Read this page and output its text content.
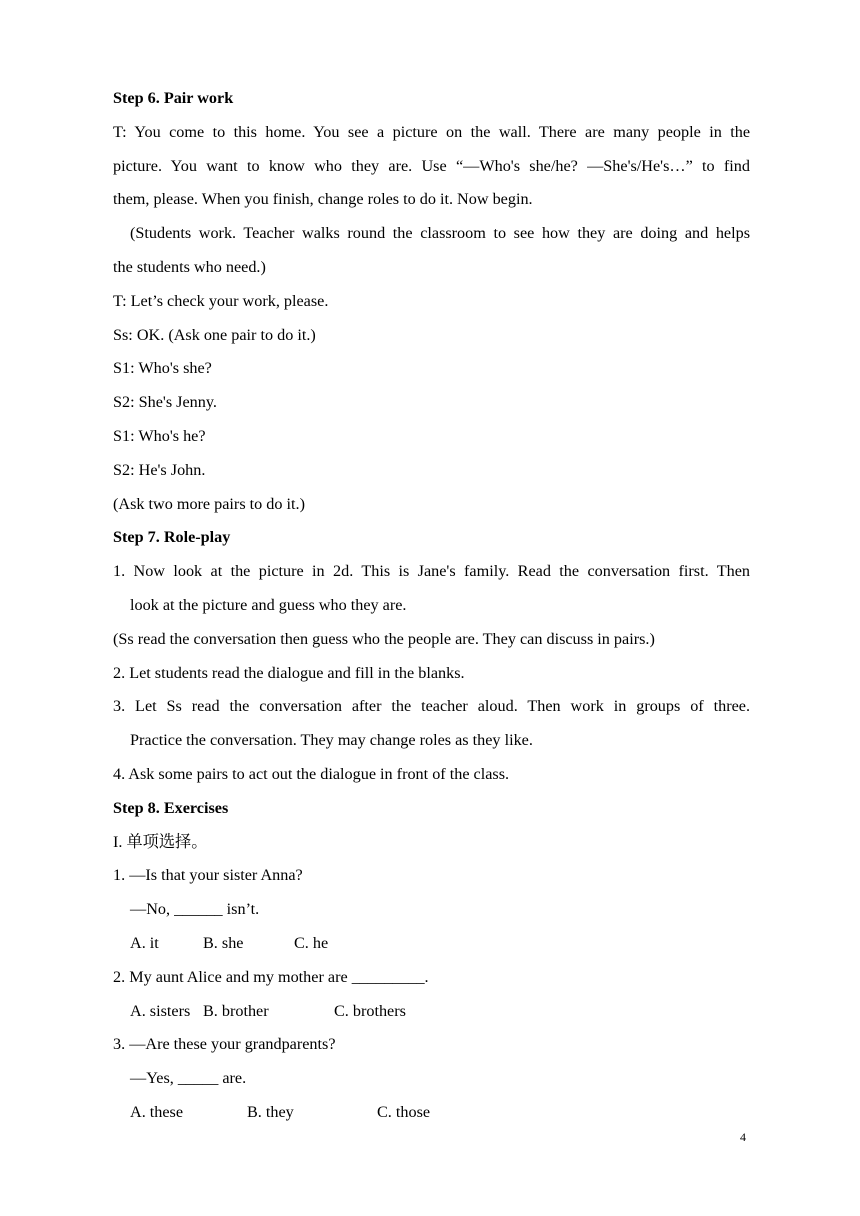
Step 6. Pair work
T: You come to this home. You see a picture on the wall. There are many people in the
picture. You want to know who they are. Use “—Who's she/he? —She's/He's…” to find
them, please. When you finish, change roles to do it. Now begin.
(Students work. Teacher walks round the classroom to see how they are doing and helps
the students who need.)
T: Let’s check your work, please.
Ss: OK. (Ask one pair to do it.)
S1: Who's she?
S2: She's Jenny.
S1: Who's he?
S2: He's John.
(Ask two more pairs to do it.)
Step 7. Role-play
1. Now look at the picture in 2d. This is Jane's family. Read the conversation first. Then
look at the picture and guess who they are.
(Ss read the conversation then guess who the people are. They can discuss in pairs.)
2. Let students read the dialogue and fill in the blanks.
3. Let Ss read the conversation after the teacher aloud. Then work in groups of three.
Practice the conversation. They may change roles as they like.
4. Ask some pairs to act out the dialogue in front of the class.
Step 8. Exercises
I. 单项选择。
1. —Is that your sister Anna?
—No, ______ isn’t.
A. it	B. she	C. he
2. My aunt Alice and my mother are _________.
A. sisters B. brother	C. brothers
3. —Are these your grandparents?
—Yes, _____ are.
A. these	B. they	C. those
4
